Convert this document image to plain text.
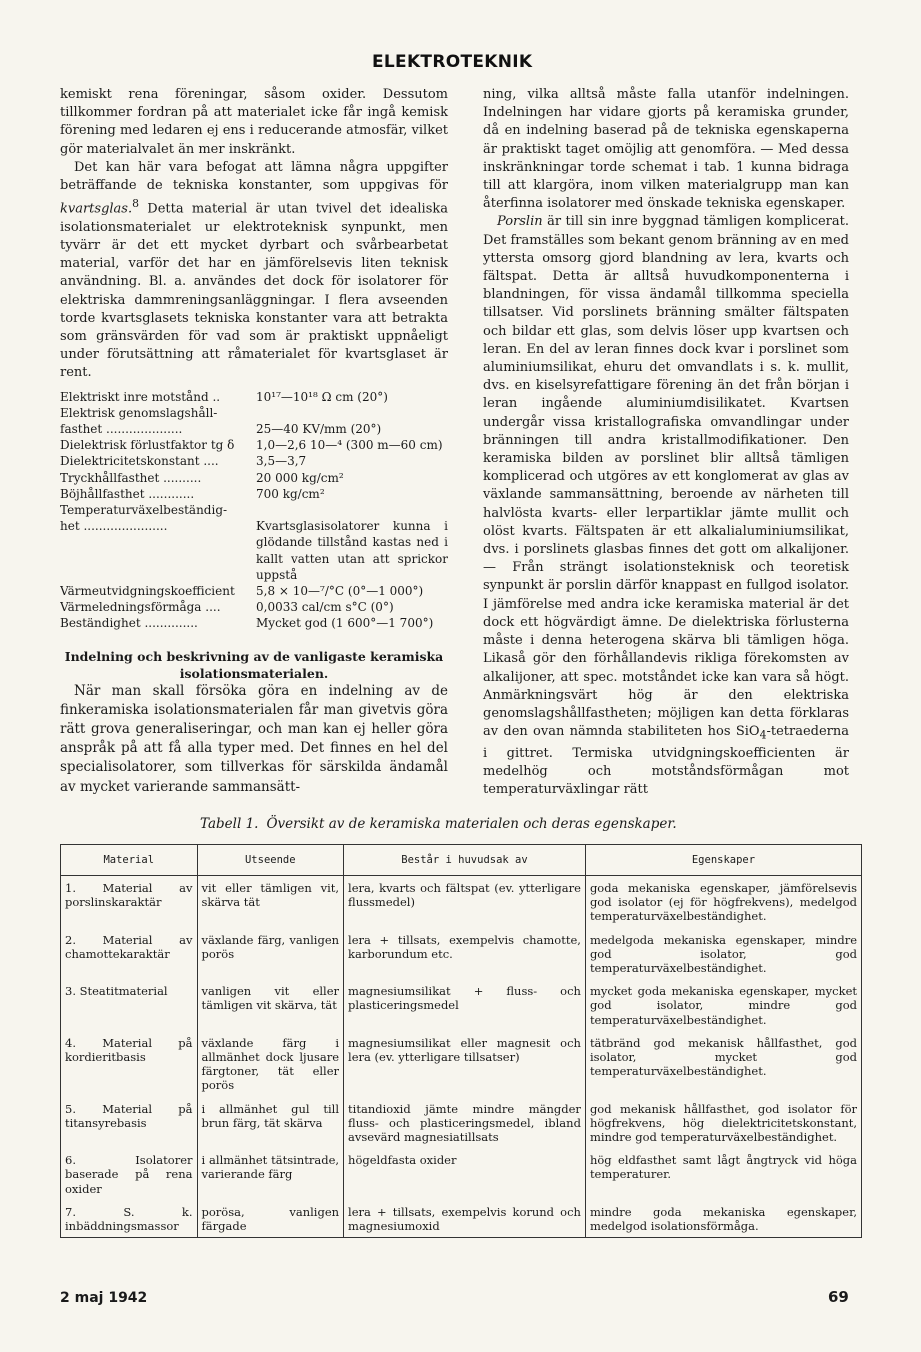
ELEKTROTEKNIK

kemiskt rena föreningar, såsom oxider. Dessutom tillkommer fordran på att materialet icke får ingå kemisk förening med ledaren ej ens i reducerande atmosfär, vilket gör materialvalet än mer inskränkt.

Det kan här vara befogat att lämna några uppgifter beträffande de tekniska konstanter, som uppgivas för kvartsglas.$^8$ Detta material är utan tvivel det idealiska isolationsmaterialet ur elektroteknisk synpunkt, men tyvärr är det ett mycket dyrbart och svårbearbetat material, varför det har en jämförelsevis liten teknisk användning. Bl. a. användes det dock för isolatorer för elektriska dammreningsanläggningar. I flera avseenden torde kvartsglasets tekniska konstanter vara att betrakta som gränsvärden för vad som är praktiskt uppnåeligt under förutsättning att råmaterialet för kvartsglaset är rent.

Elektriskt inre motstånd ..	10¹⁷—10¹⁸ Ω cm (20°)
Elektrisk genomslagshåll-
fasthet ....................	25—40 KV/mm (20°)
Dielektrisk förlustfaktor tg δ	1,0—2,6 10—⁴ (300 m—60 cm)
Dielektricitetskonstant ....	3,5—3,7
Tryckhållfasthet ..........	20 000 kg/cm²
Böjhållfasthet ............	700 kg/cm²
Temperaturväxelbeständig-
het ......................	Kvartsglasisolatorer kunna i glödande tillstånd kastas ned i kallt vatten utan att sprickor uppstå
Värmeutvidgningskoefficient	5,8 × 10—⁷/°C (0°—1 000°)
Värmeledningsförmåga ....	0,0033 cal/cm s°C (0°)
Beständighet ..............	Mycket god (1 600°—1 700°)
Indelning och beskrivning av de vanligaste keramiska isolationsmaterialen.

När man skall försöka göra en indelning av de finkeramiska isolationsmaterialen får man givetvis göra rätt grova generaliseringar, och man kan ej heller göra anspråk på att få alla typer med. Det finnes en hel del specialisolatorer, som tillverkas för särskilda ändamål av mycket varierande sammansätt-

ning, vilka alltså måste falla utanför indelningen. Indelningen har vidare gjorts på keramiska grunder, då en indelning baserad på de tekniska egenskaperna är praktiskt taget omöjlig att genomföra. — Med dessa inskränkningar torde schemat i tab. 1 kunna bidraga till att klargöra, inom vilken materialgrupp man kan återfinna isolatorer med önskade tekniska egenskaper.

Porslin är till sin inre byggnad tämligen komplicerat. Det framställes som bekant genom bränning av en med yttersta omsorg gjord blandning av lera, kvarts och fältspat. Detta är alltså huvudkomponenterna i blandningen, för vissa ändamål tillkomma speciella tillsatser. Vid porslinets bränning smälter fältspaten och bildar ett glas, som delvis löser upp kvartsen och leran. En del av leran finnes dock kvar i porslinet som aluminiumsilikat, ehuru det omvandlats i s. k. mullit, dvs. en kiselsyrefattigare förening än det från början i leran ingående aluminiumdisilikatet. Kvartsen undergår vissa kristallografiska omvandlingar under bränningen till andra kristallmodifikationer. Den keramiska bilden av porslinet blir alltså tämligen komplicerad och utgöres av ett konglomerat av glas av växlande sammansättning, beroende av närheten till halvlösta kvarts- eller lerpartiklar jämte mullit och olöst kvarts. Fältspaten är ett alkalialuminiumsilikat, dvs. i porslinets glasbas finnes det gott om alkalijoner. — Från strängt isolationsteknisk och teoretisk synpunkt är porslin därför knappast en fullgod isolator. I jämförelse med andra icke keramiska material är det dock ett högvärdigt ämne. De dielektriska förlusterna måste i denna heterogena skärva bli tämligen höga. Likaså gör den förhållandevis rikliga förekomsten av alkalijoner, att spec. motståndet icke kan vara så högt. Anmärkningsvärt hög är den elektriska genomslagshållfastheten; möjligen kan detta förklaras av den ovan nämnda stabiliteten hos SiO$_4$-tetraederna i gittret. Termiska utvidgningskoefficienten är medelhög och motståndsförmågan mot temperaturväxlingar rätt

Tabell 1. Översikt av de keramiska materialen och deras egenskaper.
Material	Utseende	Består i huvudsak av	Egenskaper
1. Material av porslinskaraktär	vit eller tämligen vit, skärva tät	lera, kvarts och fältspat (ev. ytterligare flussmedel)	goda mekaniska egenskaper, jämförelsevis god isolator (ej för högfrekvens), medelgod temperaturväxelbeständighet.
2. Material av chamottekaraktär	växlande färg, vanligen porös	lera + tillsats, exempelvis chamotte, karborundum etc.	medelgoda mekaniska egenskaper, mindre god isolator, god temperaturväxelbeständighet.
3. Steatitmaterial	vanligen vit eller tämligen vit skärva, tät	magnesiumsilikat + fluss- och plasticeringsmedel	mycket goda mekaniska egenskaper, mycket god isolator, mindre god temperaturväxelbeständighet.
4. Material på kordieritbasis	växlande färg i allmänhet dock ljusare färgtoner, tät eller porös	magnesiumsilikat eller magnesit och lera (ev. ytterligare tillsatser)	tätbränd god mekanisk hållfasthet, god isolator, mycket god temperaturväxelbeständighet.
5. Material på titansyrebasis	i allmänhet gul till brun färg, tät skärva	titandioxid jämte mindre mängder fluss- och plasticeringsmedel, ibland avsevärd magnesiatillsats	god mekanisk hållfasthet, god isolator för högfrekvens, hög dielektricitetskonstant, mindre god temperaturväxelbeständighet.
6. Isolatorer baserade på rena oxider	i allmänhet tätsintrade, varierande färg	högeldfasta oxider	hög eldfasthet samt lågt ångtryck vid höga temperaturer.
7. S. k. inbäddningsmassor	porösa, vanligen färgade	lera + tillsats, exempelvis korund och magnesiumoxid	mindre goda mekaniska egenskaper, medelgod isolationsförmåga.
2 maj 1942	69
